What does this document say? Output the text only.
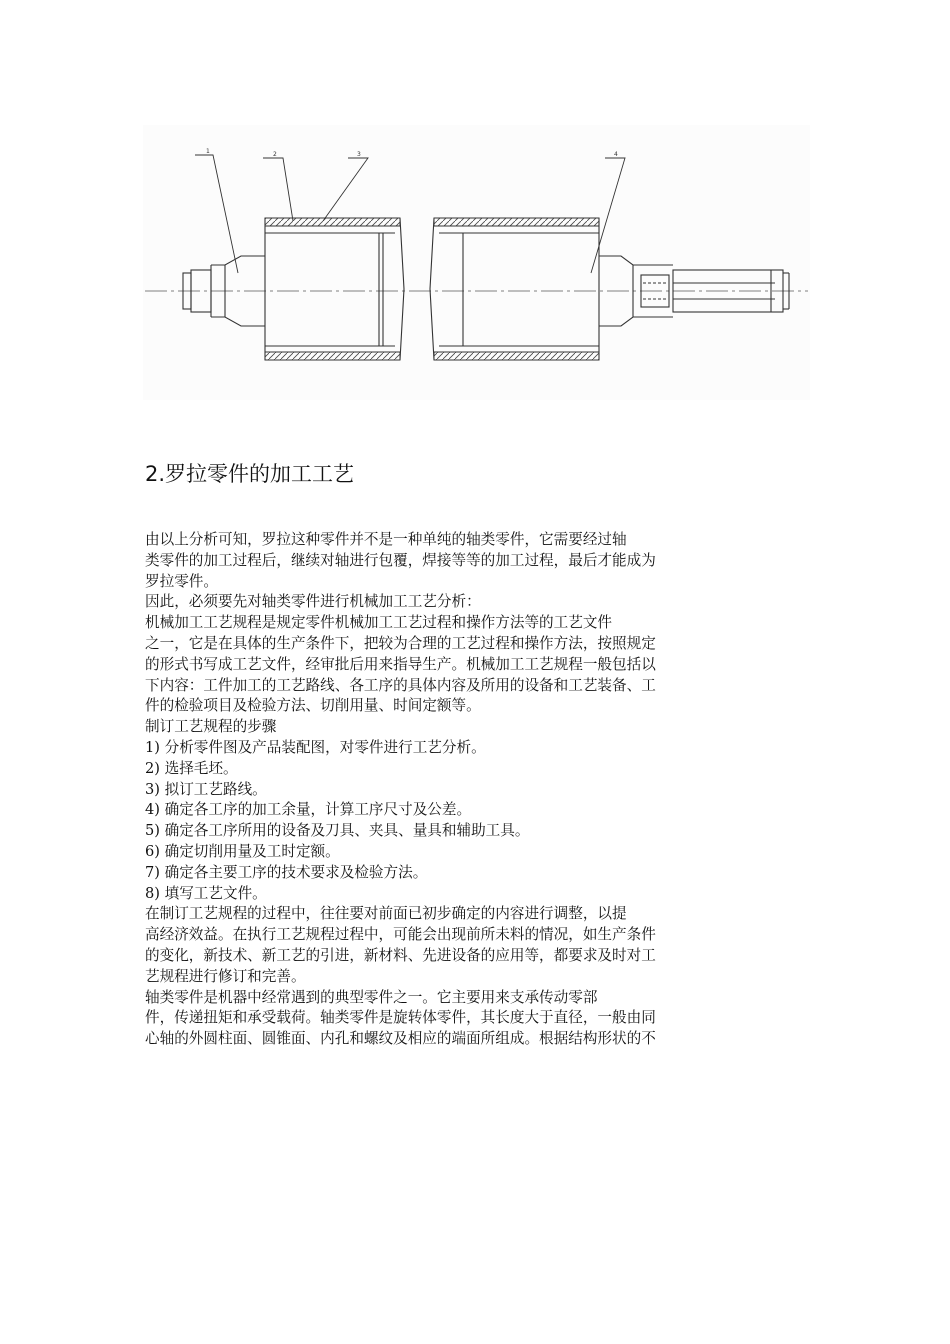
1	2	3	4
2.罗拉零件的加工工艺
由以上分析可知，罗拉这种零件并不是一种单纯的轴类零件，它需要经过轴
类零件的加工过程后，继续对轴进行包覆，焊接等等的加工过程，最后才能成为
罗拉零件。
因此，必须要先对轴类零件进行机械加工工艺分析：
机械加工工艺规程是规定零件机械加工工艺过程和操作方法等的工艺文件
之一，它是在具体的生产条件下，把较为合理的工艺过程和操作方法，按照规定
的形式书写成工艺文件，经审批后用来指导生产。机械加工工艺规程一般包括以
下内容：工件加工的工艺路线、各工序的具体内容及所用的设备和工艺装备、工
件的检验项目及检验方法、切削用量、时间定额等。
制订工艺规程的步骤
1) 分析零件图及产品装配图，对零件进行工艺分析。
2) 选择毛坯。
3) 拟订工艺路线。
4) 确定各工序的加工余量，计算工序尺寸及公差。
5) 确定各工序所用的设备及刀具、夹具、量具和辅助工具。
6) 确定切削用量及工时定额。
7) 确定各主要工序的技术要求及检验方法。
8) 填写工艺文件。
在制订工艺规程的过程中，往往要对前面已初步确定的内容进行调整，以提
高经济效益。在执行工艺规程过程中，可能会出现前所未料的情况，如生产条件
的变化，新技术、新工艺的引进，新材料、先进设备的应用等，都要求及时对工
艺规程进行修订和完善。
轴类零件是机器中经常遇到的典型零件之一。它主要用来支承传动零部
件，传递扭矩和承受载荷。轴类零件是旋转体零件，其长度大于直径，一般由同
心轴的外圆柱面、圆锥面、内孔和螺纹及相应的端面所组成。根据结构形状的不
